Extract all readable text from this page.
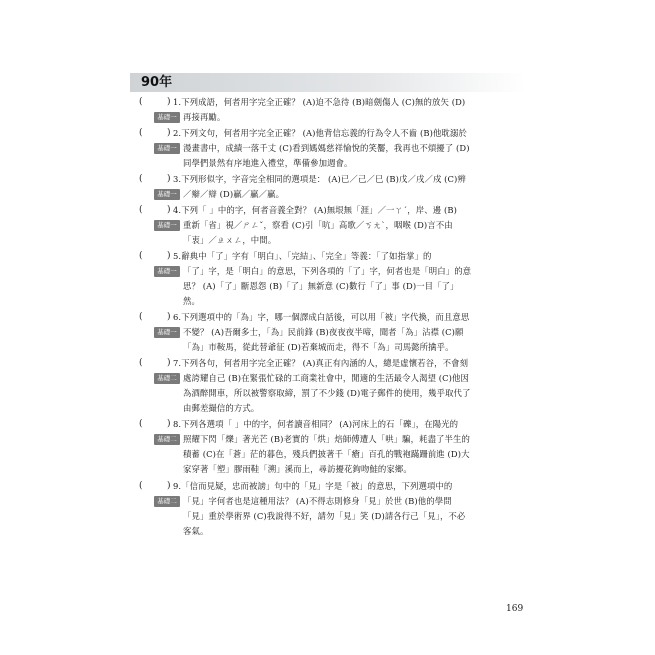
90年
(	)
基礎一
1.下列成語，何者用字完全正確？ (A)迫不急待 (B)暗劍傷人 (C)無的放矢 (D)
再接再勵。
(	)
基礎一
2.下列文句，何者用字完全正確？ (A)他背信忘義的行為令人不齒 (B)他耽溺於
漫畫書中，成績一落千丈 (C)看到媽媽慈祥愉悅的笑靨，我再也不煩擾了 (D)
同學們景然有序地進入禮堂，準備參加週會。
(	)
基礎一
3.下列形似字，字音完全相同的選項是： (A)已／己／巳 (B)戊／戌／戍 (C)辨
／辮／辯 (D)贏／贏／贏。
(	)
基礎一
4.下列「 」中的字，何者音義全對？ (A)無垠無「涯」／一ㄚˊ，岸、邊 (B)
重新「省」視／ㄕㄥˇ，察看 (C)引「吭」高歌／ㄎㄤˋ，咽喉 (D)言不由
「衷」／ㄓㄨㄥ，中間。
(	)
基礎一
5.辭典中「了」字有「明白」、「完結」、「完全」等義：「了如指掌」的
「了」字，是「明白」的意思，下列各項的「了」字，何者也是「明白」的意
思？ (A)「了」斷恩怨 (B)「了」無新意 (C)數行「了」事 (D)一目「了」
然。
(	)
基礎一
6.下列選項中的「為」字，哪一個譯成白話後，可以用「被」字代換，而且意思
不變？ (A)吾爾多士，「為」民前鋒 (B)夜夜夜半啼，聞者「為」沾襟 (C)願
「為」市鞍馬，從此替爺征 (D)若棄城而走，得不「為」司馬懿所擒乎。
(	)
基礎二
7.下列各句，何者用字完全正確？ (A)真正有內涵的人，總是虛懷若谷，不會刻
處誇耀自己 (B)在緊張忙碌的工商業社會中，閒適的生活最令人渴望 (C)他因
為酒醉開車，所以被警察取締，罰了不少錢 (D)電子郵件的使用，幾乎取代了
由郵差撮信的方式。
(	)
基礎二
8.下列各選項「 」中的字，何者讀音相同？ (A)河床上的石「礫」，在陽光的
照耀下閃「爍」著光芒 (B)老實的「烘」焙師傅遭人「哄」騙，耗盡了半生的
積蓄 (C)在「蒼」茫的暮色，殘兵們披著千「瘡」百孔的戰袍蹣跚前進 (D)大
家穿著「塑」膠雨鞋「溯」溪而上，尋訪擾花鉤吻鮭的家鄉。
(	)
基礎二
9.「信而見疑，忠而被謗」句中的「見」字是「被」的意思，下列選項中的
「見」字何者也是這種用法？ (A)不得志則修身「見」於世 (B)他的學問
「見」重於學術界 (C)我說得不好，請勿「見」笑 (D)請各行己「見」，不必
客氣。
169
